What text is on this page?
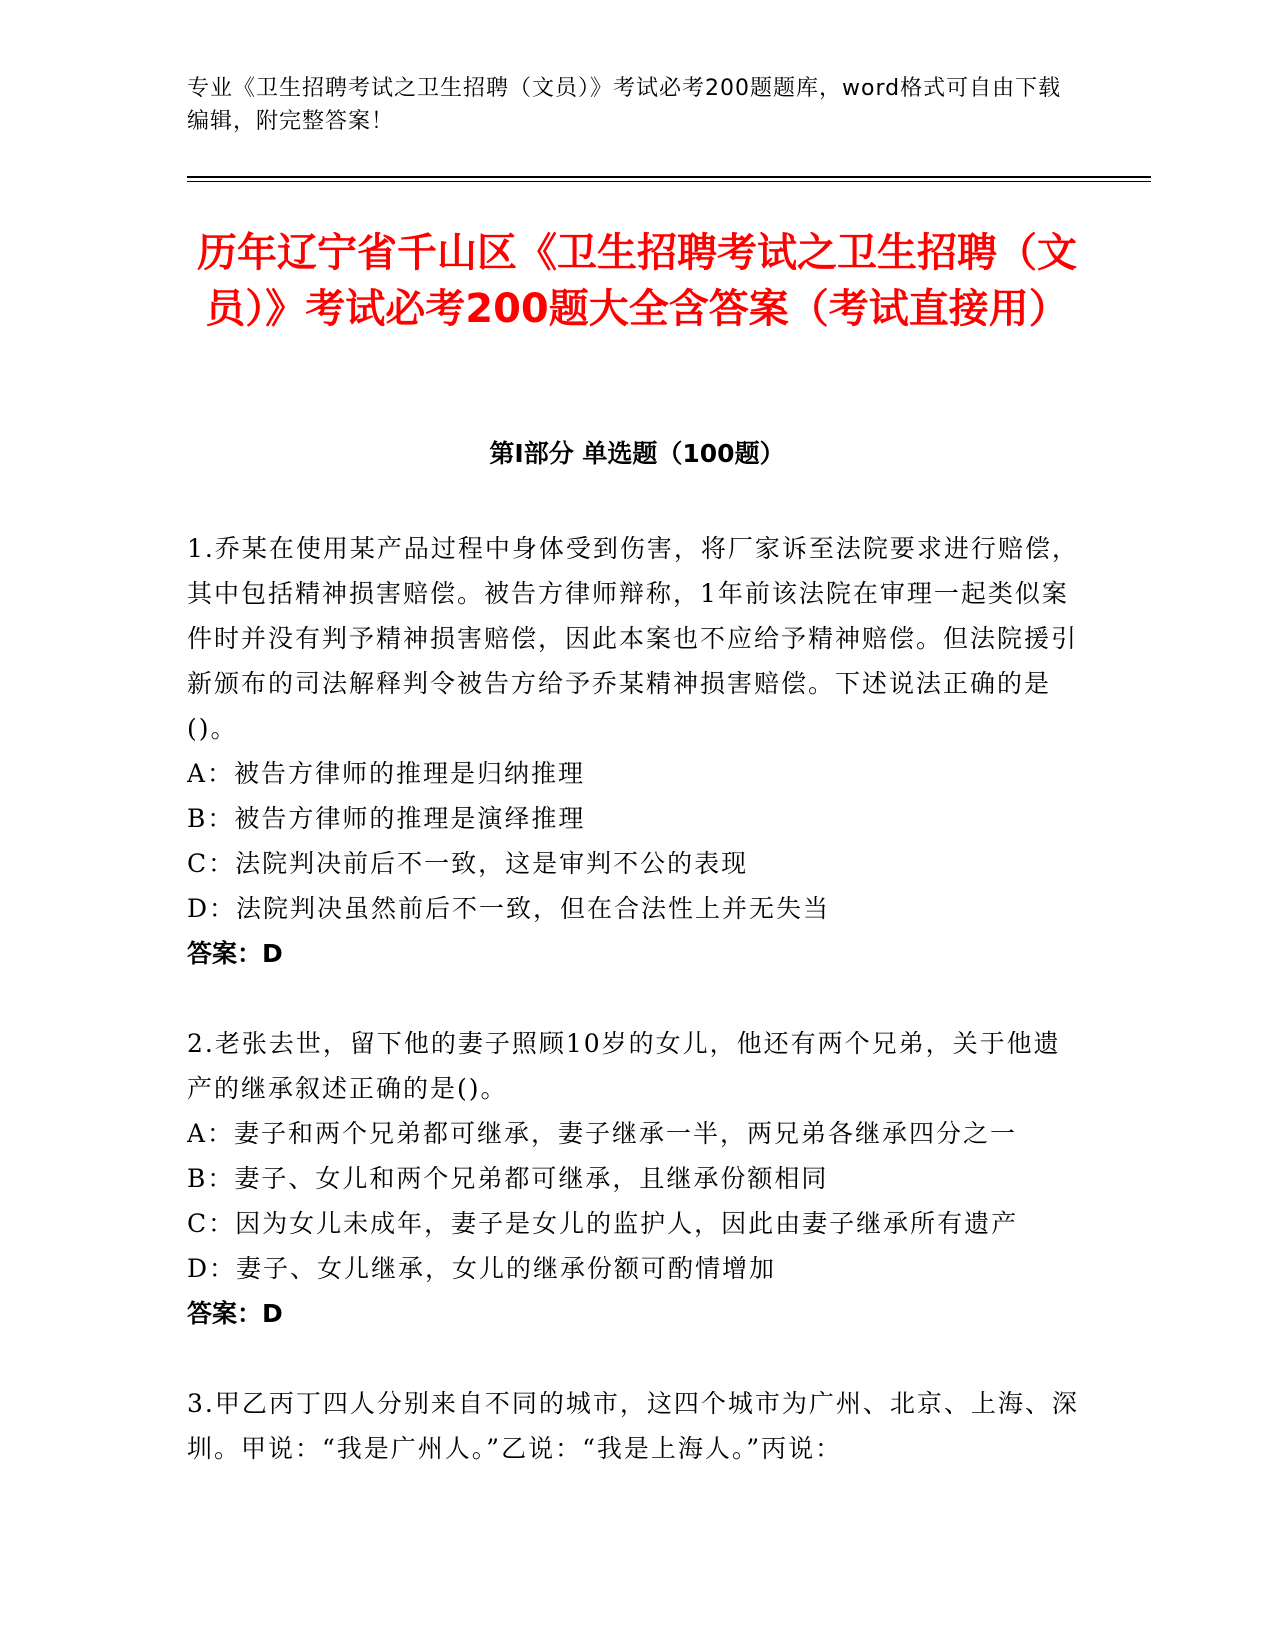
专业《卫生招聘考试之卫生招聘（文员）》考试必考200题题库，word格式可自由下载编辑，附完整答案！
历年辽宁省千山区《卫生招聘考试之卫生招聘（文员）》考试必考200题大全含答案（考试直接用）
第Ⅰ部分 单选题（100题）

1.乔某在使用某产品过程中身体受到伤害，将厂家诉至法院要求进行赔偿，其中包括精神损害赔偿。被告方律师辩称，1年前该法院在审理一起类似案件时并没有判予精神损害赔偿，因此本案也不应给予精神赔偿。但法院援引新颁布的司法解释判令被告方给予乔某精神损害赔偿。下述说法正确的是()。

A：被告方律师的推理是归纳推理

B：被告方律师的推理是演绎推理

C：法院判决前后不一致，这是审判不公的表现

D：法院判决虽然前后不一致，但在合法性上并无失当

答案：D

2.老张去世，留下他的妻子照顾10岁的女儿，他还有两个兄弟，关于他遗产的继承叙述正确的是()。

A：妻子和两个兄弟都可继承，妻子继承一半，两兄弟各继承四分之一

B：妻子、女儿和两个兄弟都可继承，且继承份额相同

C：因为女儿未成年，妻子是女儿的监护人，因此由妻子继承所有遗产

D：妻子、女儿继承，女儿的继承份额可酌情增加

答案：D

3.甲乙丙丁四人分别来自不同的城市，这四个城市为广州、北京、上海、深圳。甲说：“我是广州人。”乙说：“我是上海人。”丙说：
